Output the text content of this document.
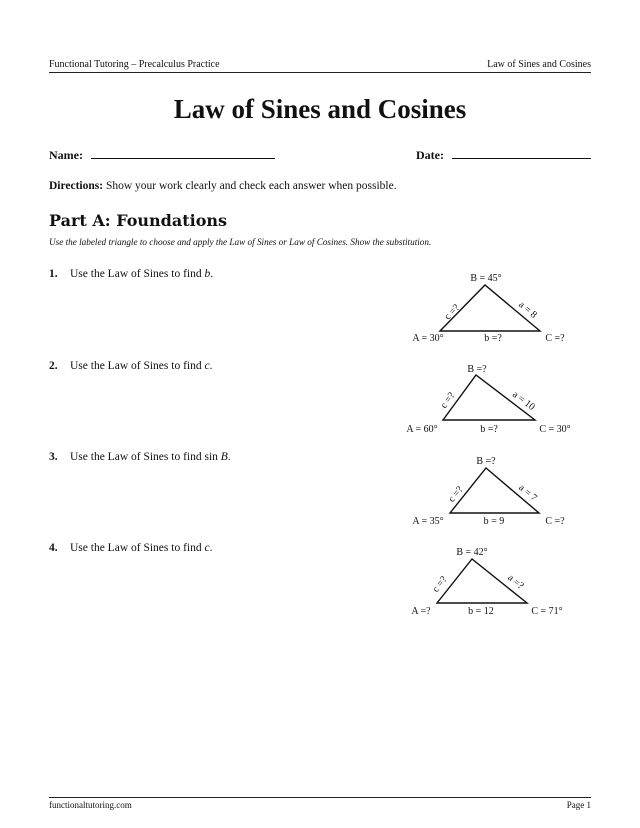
Functional Tutoring – Precalculus Practice	Law of Sines and Cosines
Law of Sines and Cosines
Name:	Date:
Directions: Show your work clearly and check each answer when possible.
Part A: Foundations
Use the labeled triangle to choose and apply the Law of Sines or Law of Cosines. Show the substitution.
1. Use the Law of Sines to find b.	B = 45°
A = 30°	C =?
b =?
c =?	a = 8
2. Use the Law of Sines to find c.	B =?
A = 60°	C = 30°
b =?
c =?	a = 10
3. Use the Law of Sines to find sin B.	B =?
A = 35°	C =?
b = 9
c =?	a = 7
4. Use the Law of Sines to find c.	B = 42°
A =?	C = 71°
b = 12
c =?	a =?
functionaltutoring.com	Page 1
